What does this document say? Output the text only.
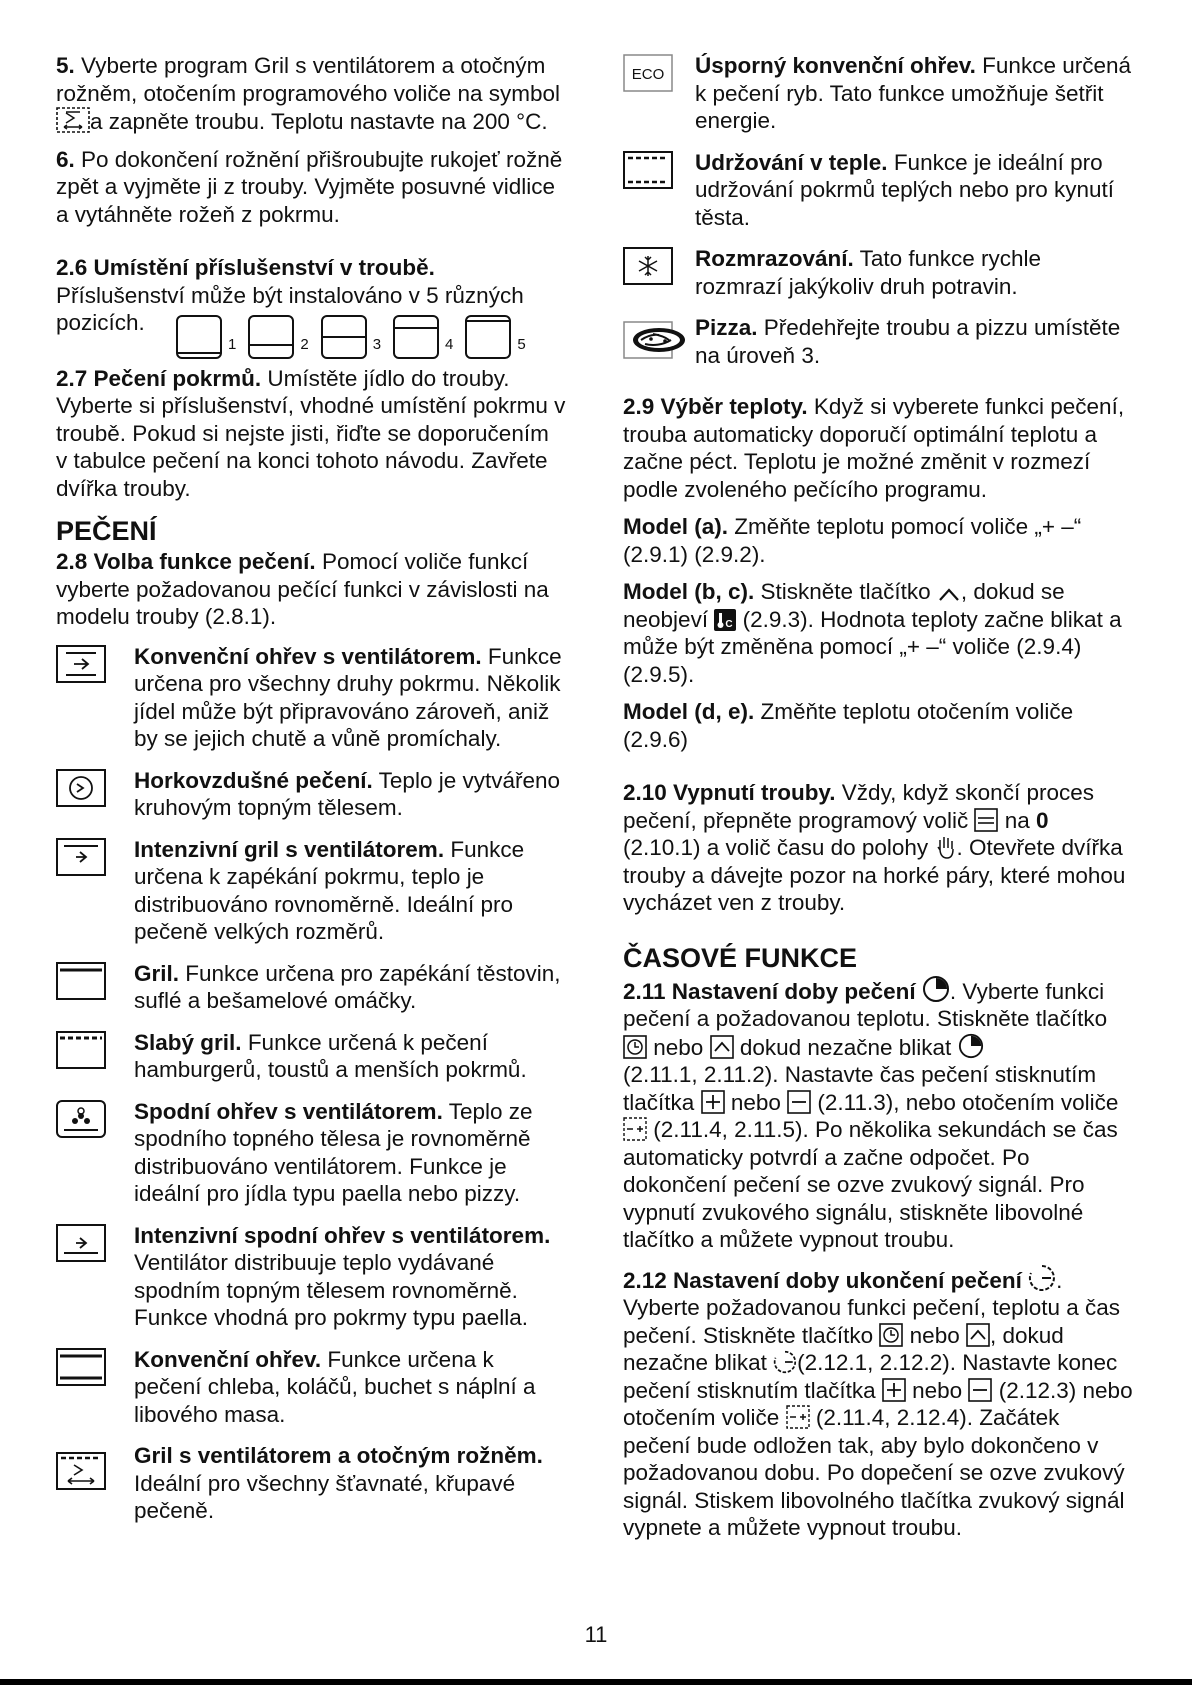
5. Vyberte program Gril s ventilátorem a otočným rožněm, otočením programového voliče na symbol
a zapněte troubu. Teplotu nastavte na 200 °C.

6. Po dokončení rožnění přišroubujte rukojeť rožně zpět a vyjměte ji z trouby. Vyjměte posuvné vidlice a vytáhněte rožeň z pokrmu.

2.6 Umístění příslušenství v troubě.
Příslušenství může být instalováno v 5 různých pozicích.

1	2	3	4	5

2.7 Pečení pokrmů. Umístěte jídlo do trouby. Vyberte si příslušenství, vhodné umístění pokrmu v troubě. Pokud si nejste jisti, řiďte se doporučením v tabulce pečení na konci tohoto návodu. Zavřete dvířka trouby.

PEČENÍ

2.8 Volba funkce pečení. Pomocí voliče funkcí vyberte požadovanou pečící funkci v závislosti na modelu trouby (2.8.1).

Konvenční ohřev s ventilátorem. Funkce určena pro všechny druhy pokrmu. Několik jídel může být připravováno zároveň, aniž by se jejich chutě a vůně promíchaly.
Horkovzdušné pečení. Teplo je vytvářeno kruhovým topným tělesem.
Intenzivní gril s ventilátorem. Funkce určena k zapékání pokrmu, teplo je distribuováno rovnoměrně. Ideální pro pečeně velkých rozměrů.
Gril. Funkce určena pro zapékání těstovin, suflé a bešamelové omáčky.
Slabý gril. Funkce určená k pečení hamburgerů, toustů a menších pokrmů.
Spodní ohřev s ventilátorem. Teplo ze spodního topného tělesa je rovnoměrně distribuováno ventilátorem. Funkce je ideální pro jídla typu paella nebo pizzy.
Intenzivní spodní ohřev s ventilátorem. Ventilátor distribuuje teplo vydávané spodním topným tělesem rovnoměrně. Funkce vhodná pro pokrmy typu paella.
Konvenční ohřev. Funkce určena k pečení chleba, koláčů, buchet s náplní a libového masa.
Gril s ventilátorem a otočným rožněm. Ideální pro všechny šťavnaté, křupavé pečeně.
ECO Úsporný konvenční ohřev. Funkce určená k pečení ryb. Tato funkce umožňuje šetřit energie.
Udržování v teple. Funkce je ideální pro udržování pokrmů teplých nebo pro kynutí těsta.
Rozmrazování. Tato funkce rychle rozmrazí jakýkoliv druh potravin.
Pizza. Předehřejte troubu a pizzu umístěte na úroveň 3.

2.9 Výběr teploty. Když si vyberete funkci pečení, trouba automaticky doporučí optimální teplotu a začne péct. Teplotu je možné změnit v rozmezí podle zvoleného pečícího programu.

Model (a). Změňte teplotu pomocí voliče „+ –“ (2.9.1) (2.9.2).

Model (b, c). Stiskněte tlačítko , dokud se neobjeví C (2.9.3). Hodnota teploty začne blikat a může být změněna pomocí „+ –“ voliče (2.9.4) (2.9.5).

Model (d, e). Změňte teplotu otočením voliče (2.9.6)

2.10 Vypnutí trouby. Vždy, když skončí proces pečení, přepněte programový volič na 0
(2.10.1) a volič času do polohy . Otevřete dvířka trouby a dávejte pozor na horké páry, které mohou vycházet ven z trouby.

ČASOVÉ FUNKCE

2.11 Nastavení doby pečení . Vyberte funkci pečení a požadovanou teplotu. Stiskněte tlačítko
nebo dokud nezačne blikat

(2.11.1, 2.11.2). Nastavte čas pečení stisknutím tlačítka nebo (2.11.3), nebo otočením voliče
(2.11.4, 2.11.5). Po několika sekundách se čas automaticky potvrdí a začne odpočet. Po dokončení pečení se ozve zvukový signál. Pro vypnutí zvukového signálu, stiskněte libovolné tlačítko a můžete vypnout troubu.

2.12 Nastavení doby ukončení pečení . Vyberte požadovanou funkci pečení, teplotu a čas pečení. Stiskněte tlačítko nebo , dokud nezačne blikat (2.12.1, 2.12.2). Nastavte konec pečení stisknutím tlačítka nebo (2.12.3) nebo otočením voliče (2.11.4, 2.12.4). Začátek pečení bude odložen tak, aby bylo dokončeno v požadovanou dobu. Po dopečení se ozve zvukový signál. Stiskem libovolného tlačítka zvukový signál vypnete a můžete vypnout troubu.

11
